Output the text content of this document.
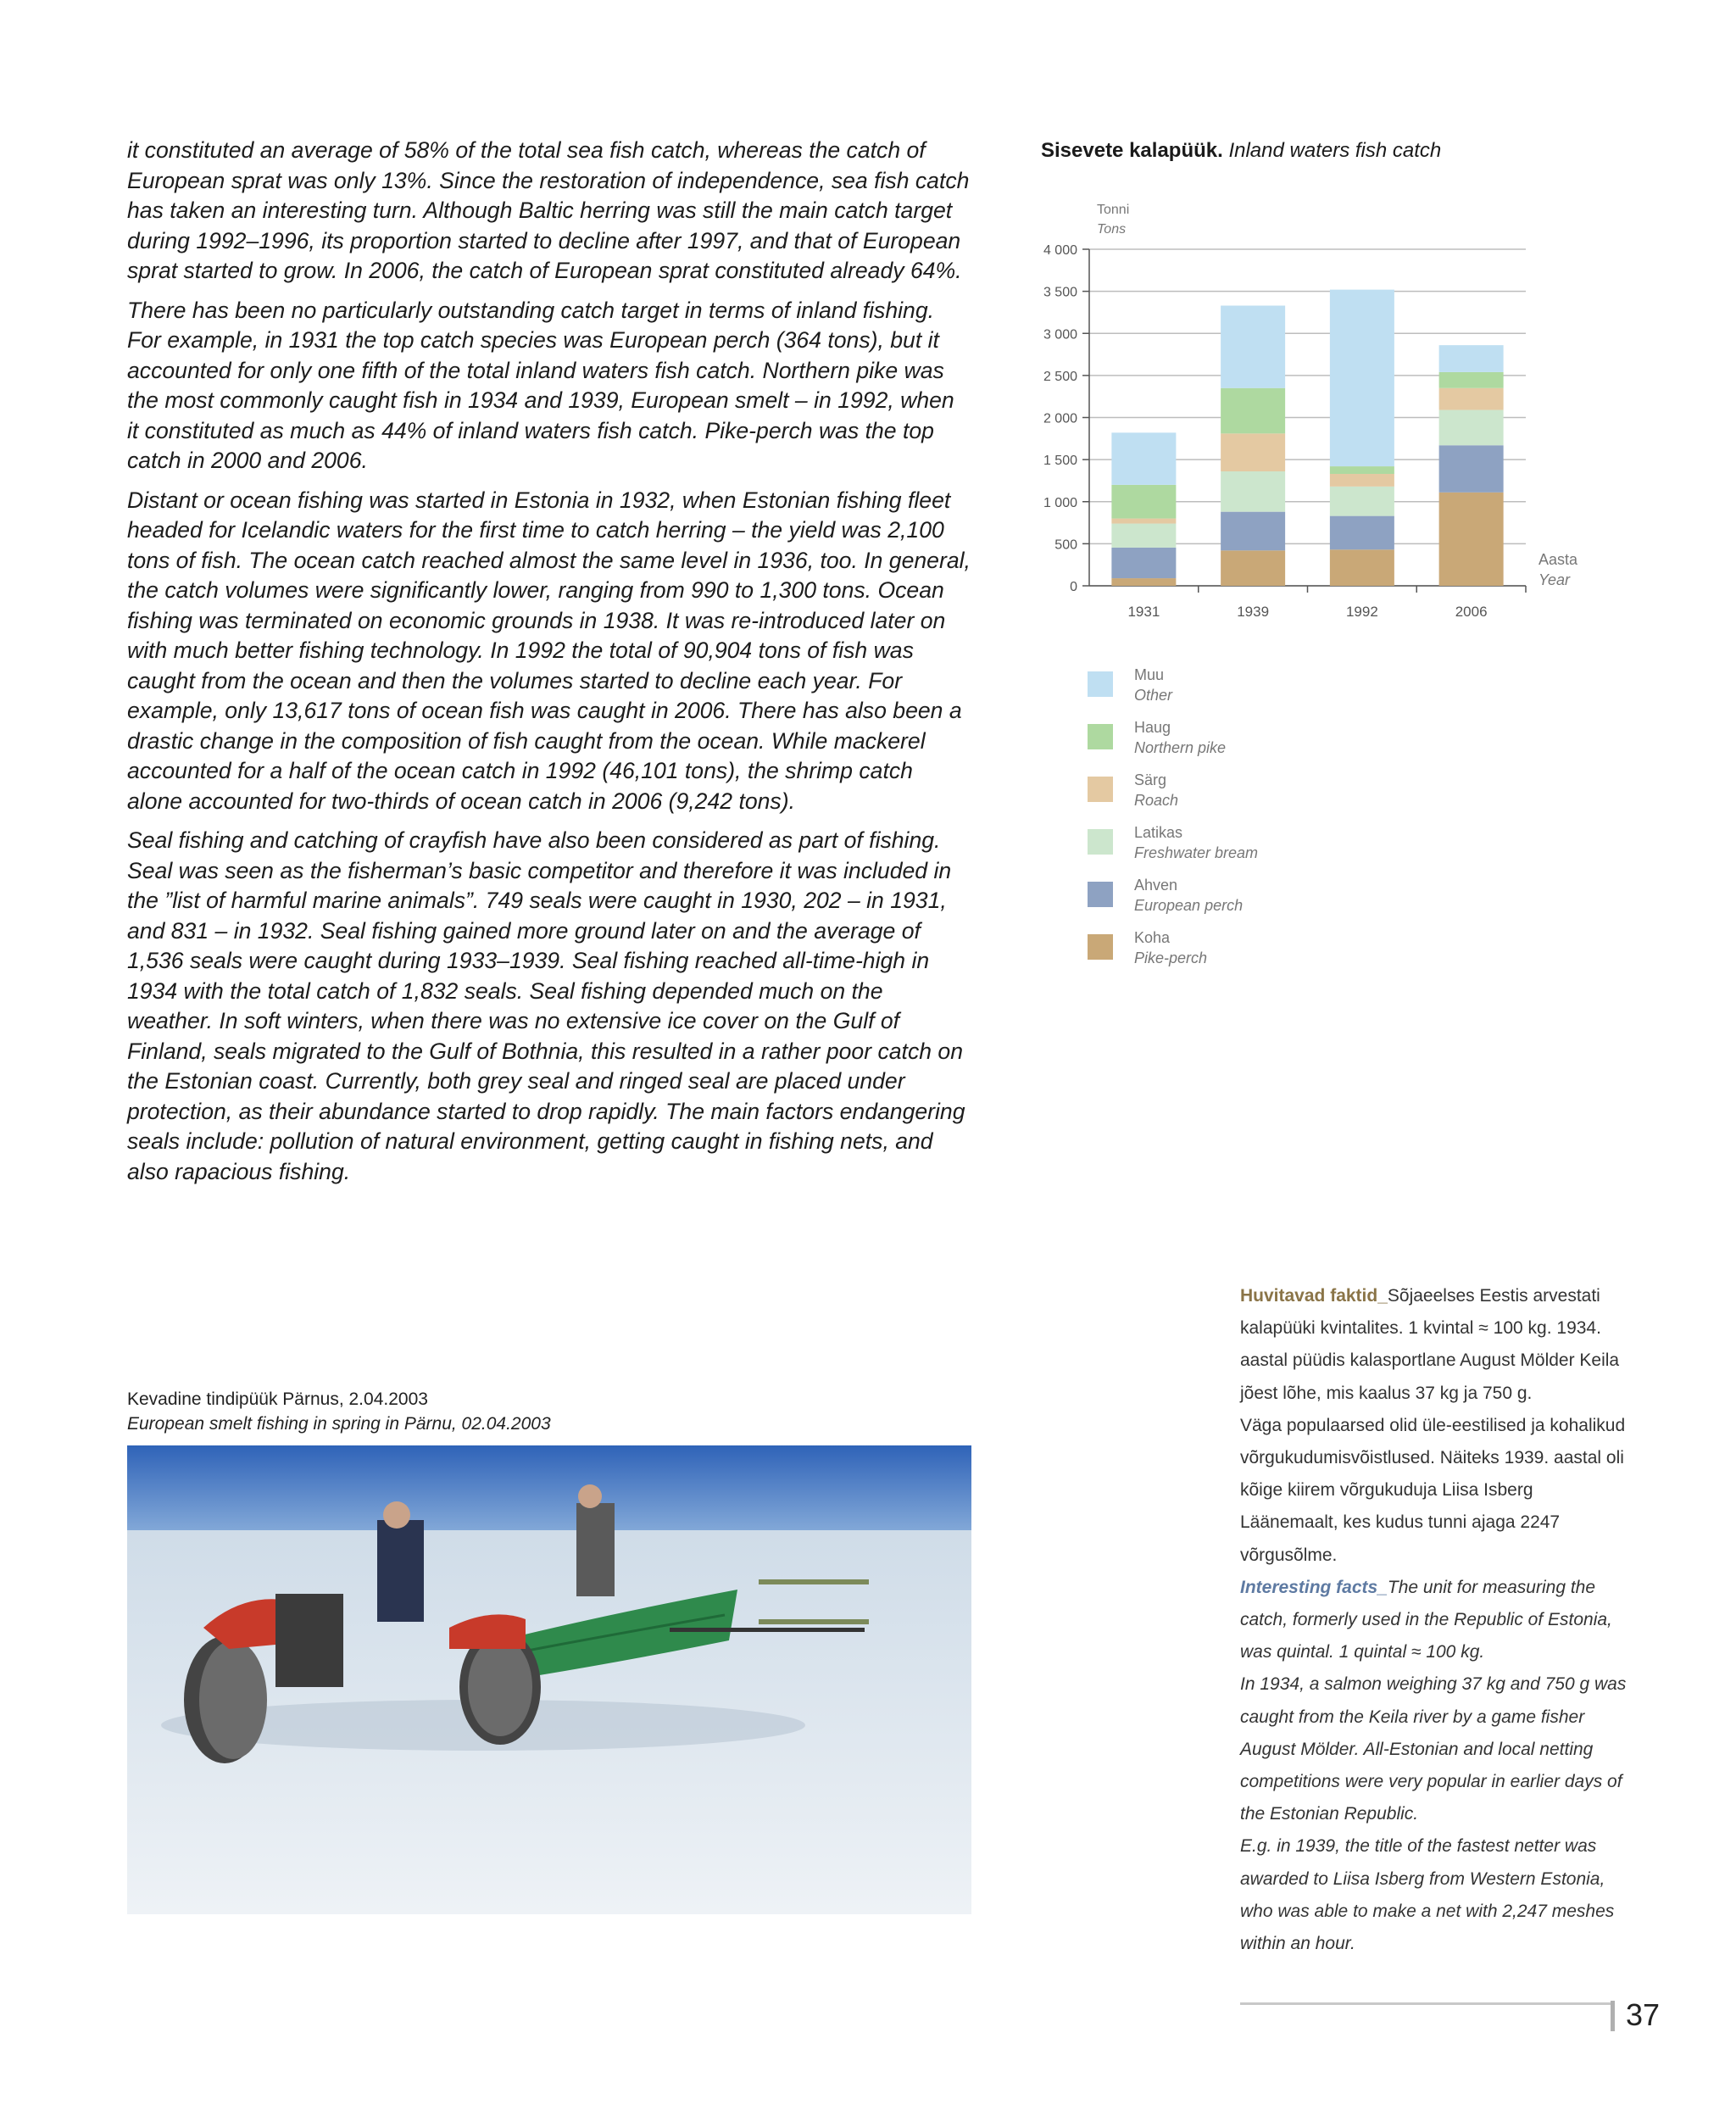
it constituted an average of 58% of the total sea fish catch, whereas the catch of European sprat was only 13%. Since the restoration of independence, sea fish catch has taken an interesting turn. Although Baltic herring was still the main catch target during 1992–1996, its proportion started to decline after 1997, and that of European sprat started to grow. In 2006, the catch of European sprat constituted already 64%.

There has been no particularly outstanding catch target in terms of inland fishing. For example, in 1931 the top catch species was European perch (364 tons), but it accounted for only one fifth of the total inland waters fish catch. Northern pike was the most commonly caught fish in 1934 and 1939, European smelt – in 1992, when it constituted as much as 44% of inland waters fish catch. Pike-perch was the top catch in 2000 and 2006.

Distant or ocean fishing was started in Estonia in 1932, when Estonian fishing fleet headed for Icelandic waters for the first time to catch herring – the yield was 2,100 tons of fish. The ocean catch reached almost the same level in 1936, too. In general, the catch volumes were significantly lower, ranging from 990 to 1,300 tons. Ocean fishing was terminated on economic grounds in 1938. It was re-introduced later on with much better fishing technology. In 1992 the total of 90,904 tons of fish was caught from the ocean and then the volumes started to decline each year. For example, only 13,617 tons of ocean fish was caught in 2006. There has also been a drastic change in the composition of fish caught from the ocean. While mackerel accounted for a half of the ocean catch in 1992 (46,101 tons), the shrimp catch alone accounted for two-thirds of ocean catch in 2006 (9,242 tons).

Seal fishing and catching of crayfish have also been considered as part of fishing. Seal was seen as the fisherman’s basic competitor and therefore it was included in the ”list of harmful marine animals”. 749 seals were caught in 1930, 202 – in 1931, and 831 – in 1932. Seal fishing gained more ground later on and the average of 1,536 seals were caught during 1933–1939. Seal fishing reached all-time-high in 1934 with the total catch of 1,832 seals. Seal fishing depended much on the weather. In soft winters, when there was no extensive ice cover on the Gulf of Finland, seals migrated to the Gulf of Bothnia, this resulted in a rather poor catch on the Estonian coast. Currently, both grey seal and ringed seal are placed under protection, as their abundance started to drop rapidly. The main factors endangering seals include: pollution of natural environment, getting caught in fishing nets, and also rapacious fishing.

Sisevete kalapüük. Inland waters fish catch
0
500
1 000
1 500
2 000
2 500
3 000
3 500
4 000
Tonni
Tons
Aasta
Year
1931	1939	1992	2006
Muu
Other
Haug
Northern pike
Särg
Roach
Latikas
Freshwater bream
Ahven
European perch
Koha
Pike-perch
Kevadine tindipüük Pärnus, 2.04.2003
European smelt fishing in spring in Pärnu, 02.04.2003
Huvitavad faktid_Sõjaeelses Eestis arvestati kalapüüki kvintalites. 1 kvintal ≈ 100 kg. 1934. aastal püüdis kalasportlane August Mölder Keila jõest lõhe, mis kaalus 37 kg ja 750 g.
Väga populaarsed olid üle-eestilised ja kohalikud võrgukudumisvõistlused. Näiteks 1939. aastal oli kõige kiirem võrgukuduja Liisa Isberg Läänemaalt, kes kudus tunni ajaga 2247 võrgusõlme.
Interesting facts_The unit for measuring the catch, formerly used in the Republic of Estonia, was quintal. 1 quintal ≈ 100 kg.
In 1934, a salmon weighing 37 kg and 750 g was caught from the Keila river by a game fisher August Mölder. All-Estonian and local netting competitions were very popular in earlier days of the Estonian Republic.
E.g. in 1939, the title of the fastest netter was awarded to Liisa Isberg from Western Estonia, who was able to make a net with 2,247 meshes within an hour.
37
